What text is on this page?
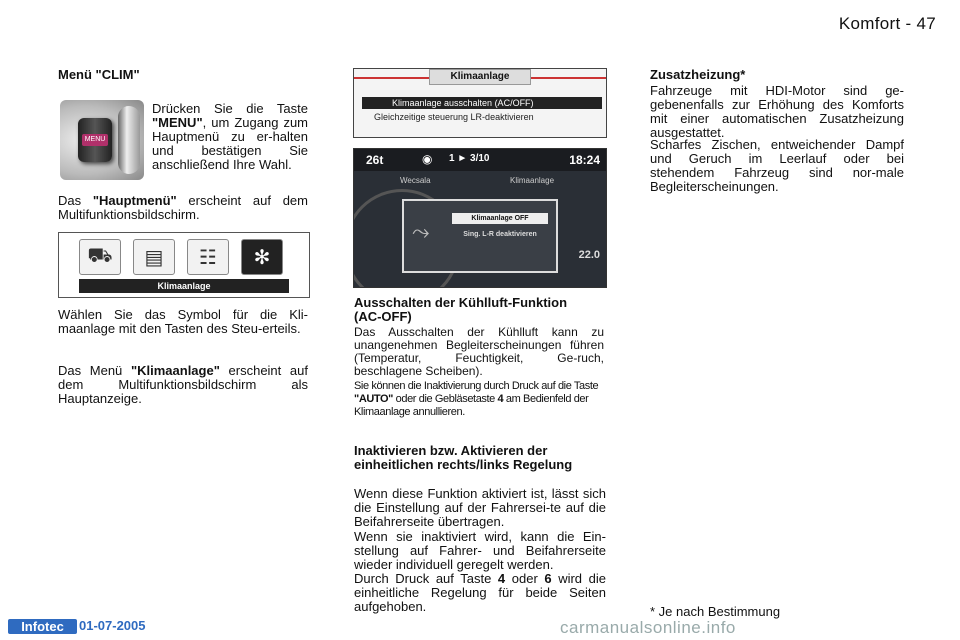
Komfort - 47
Menü "CLIM"
MENU

Drücken Sie die Taste "MENU", um Zugang zum Hauptmenü zu er-halten und bestätigen Sie anschließend Ihre Wahl.

Das "Hauptmenü" erscheint auf dem Multifunktionsbildschirm.

⛟	▤	☷	✻
Klimaanlage

Wählen Sie das Symbol für die Kli-maanlage mit den Tasten des Steu-erteils.

Das Menü "Klimaanlage" erscheint auf dem Multifunktionsbildschirm als Hauptanzeige.

Klimaanlage
Klimaanlage ausschalten (AC/OFF)
Gleichzeitige steuerung LR-deaktivieren
26t	◉ 1 ► 3/10	18:24
Wecsala	Klimaanlage
⤳
Klimaanlage OFF
Sing. L-R deaktivieren
22.0
Ausschalten der Kühlluft-Funktion (AC-OFF)

Das Ausschalten der Kühlluft kann zu unangenehmen Begleiterscheinungen führen (Temperatur, Feuchtigkeit, Ge-ruch, beschlagene Scheiben).

Sie können die Inaktivierung durch Druck auf die Taste "AUTO" oder die Gebläsetaste 4 am Bedienfeld der Klimaanlage annullieren.

Inaktivieren bzw. Aktivieren der einheitlichen rechts/links Regelung

Wenn diese Funktion aktiviert ist, lässt sich die Einstellung auf der Fahrersei-te auf die Beifahrerseite übertragen.

Wenn sie inaktiviert wird, kann die Ein-stellung auf Fahrer- und Beifahrerseite wieder individuell geregelt werden.

Durch Druck auf Taste 4 oder 6 wird die einheitliche Regelung für beide Seiten aufgehoben.

Zusatzheizung*

Fahrzeuge mit HDI-Motor sind ge-gebenenfalls zur Erhöhung des Komforts mit einer automatischen Zusatzheizung ausgestattet.

Scharfes Zischen, entweichender Dampf und Geruch im Leerlauf oder bei stehendem Fahrzeug sind nor-male Begleiterscheinungen.

* Je nach Bestimmung
Infotec	01-07-2005	carmanualsonline.info
